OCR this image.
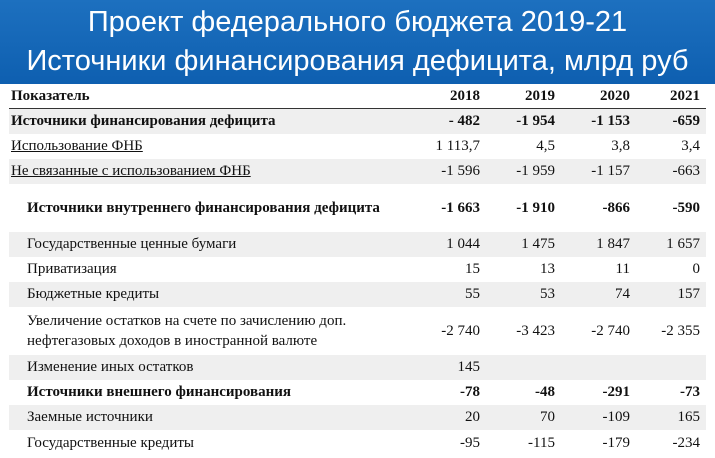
Проект федерального бюджета 2019-21
Источники финансирования дефицита, млрд руб
Показатель	2018	2019	2020	2021
Источники финансирования дефицита	- 482	-1 954	-1 153	-659
Использование ФНБ	1 113,7	4,5	3,8	3,4
Не связанные с использованием ФНБ	-1 596	-1 959	-1 157	-663
Источники внутреннего финансирования дефицита	-1 663	-1 910	-866	-590
Государственные ценные бумаги	1 044	1 475	1 847	1 657
Приватизация	15	13	11	0
Бюджетные кредиты	55	53	74	157
Увеличение остатков на счете по зачислению доп. нефтегазовых доходов в иностранной валюте	-2 740	-3 423	-2 740	-2 355
Изменение иных остатков	145			
Источники внешнего финансирования	-78	-48	-291	-73
Заемные источники	20	70	-109	165
Государственные кредиты	-95	-115	-179	-234
